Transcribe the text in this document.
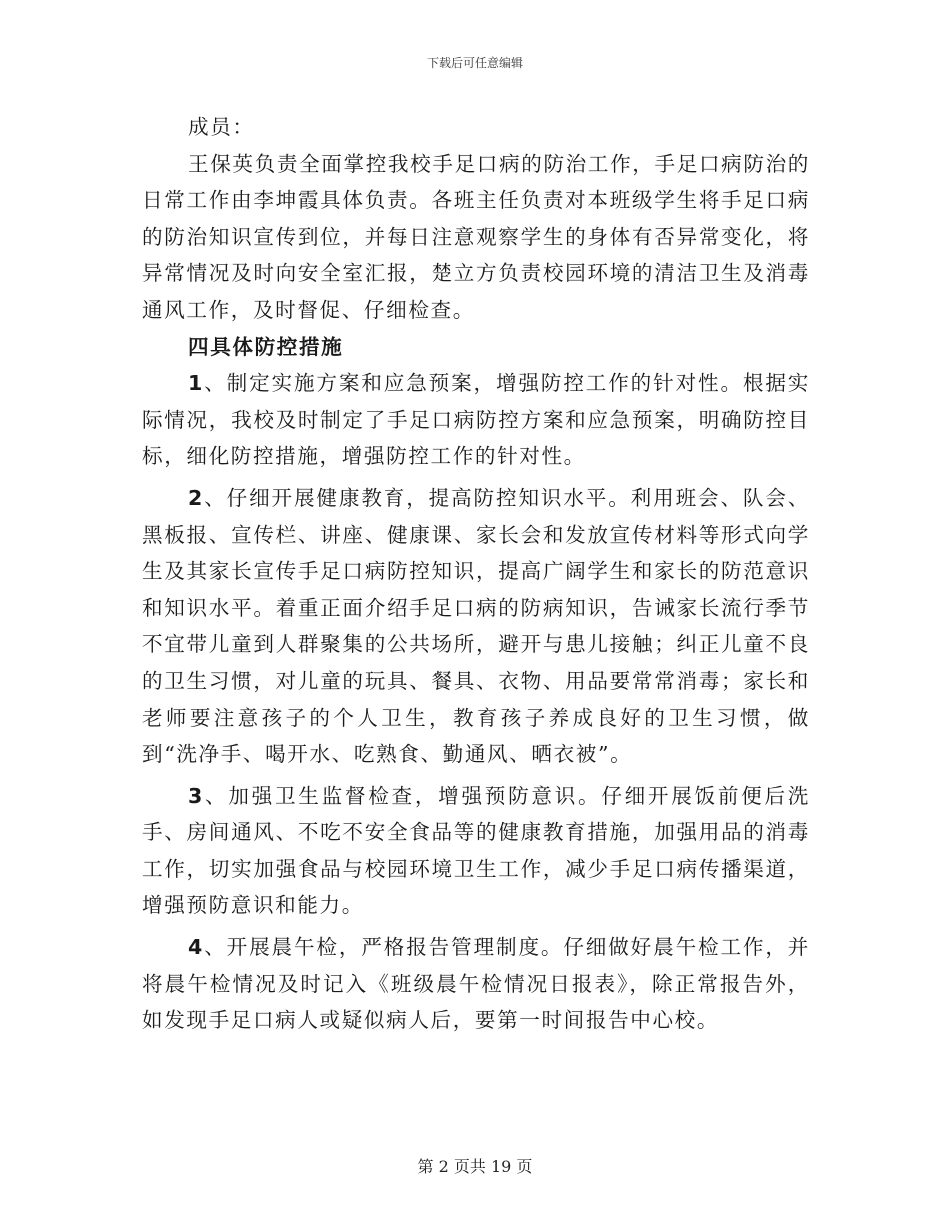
下载后可任意编辑

成员：

王保英负责全面掌控我校手足口病的防治工作，手足口病防治的日常工作由李坤霞具体负责。各班主任负责对本班级学生将手足口病的防治知识宣传到位，并每日注意观察学生的身体有否异常变化，将异常情况及时向安全室汇报，楚立方负责校园环境的清洁卫生及消毒通风工作，及时督促、仔细检查。

四具体防控措施

1、制定实施方案和应急预案，增强防控工作的针对性。根据实际情况，我校及时制定了手足口病防控方案和应急预案，明确防控目标，细化防控措施，增强防控工作的针对性。

2、仔细开展健康教育，提高防控知识水平。利用班会、队会、黑板报、宣传栏、讲座、健康课、家长会和发放宣传材料等形式向学生及其家长宣传手足口病防控知识，提高广阔学生和家长的防范意识和知识水平。着重正面介绍手足口病的防病知识，告诫家长流行季节不宜带儿童到人群聚集的公共场所，避开与患儿接触；纠正儿童不良的卫生习惯，对儿童的玩具、餐具、衣物、用品要常常消毒；家长和老师要注意孩子的个人卫生，教育孩子养成良好的卫生习惯，做到“洗净手、喝开水、吃熟食、勤通风、晒衣被”。

3、加强卫生监督检查，增强预防意识。仔细开展饭前便后洗手、房间通风、不吃不安全食品等的健康教育措施，加强用品的消毒工作，切实加强食品与校园环境卫生工作，减少手足口病传播渠道，增强预防意识和能力。

4、开展晨午检，严格报告管理制度。仔细做好晨午检工作，并将晨午检情况及时记入《班级晨午检情况日报表》，除正常报告外，如发现手足口病人或疑似病人后，要第一时间报告中心校。

第 2 页共 19 页
